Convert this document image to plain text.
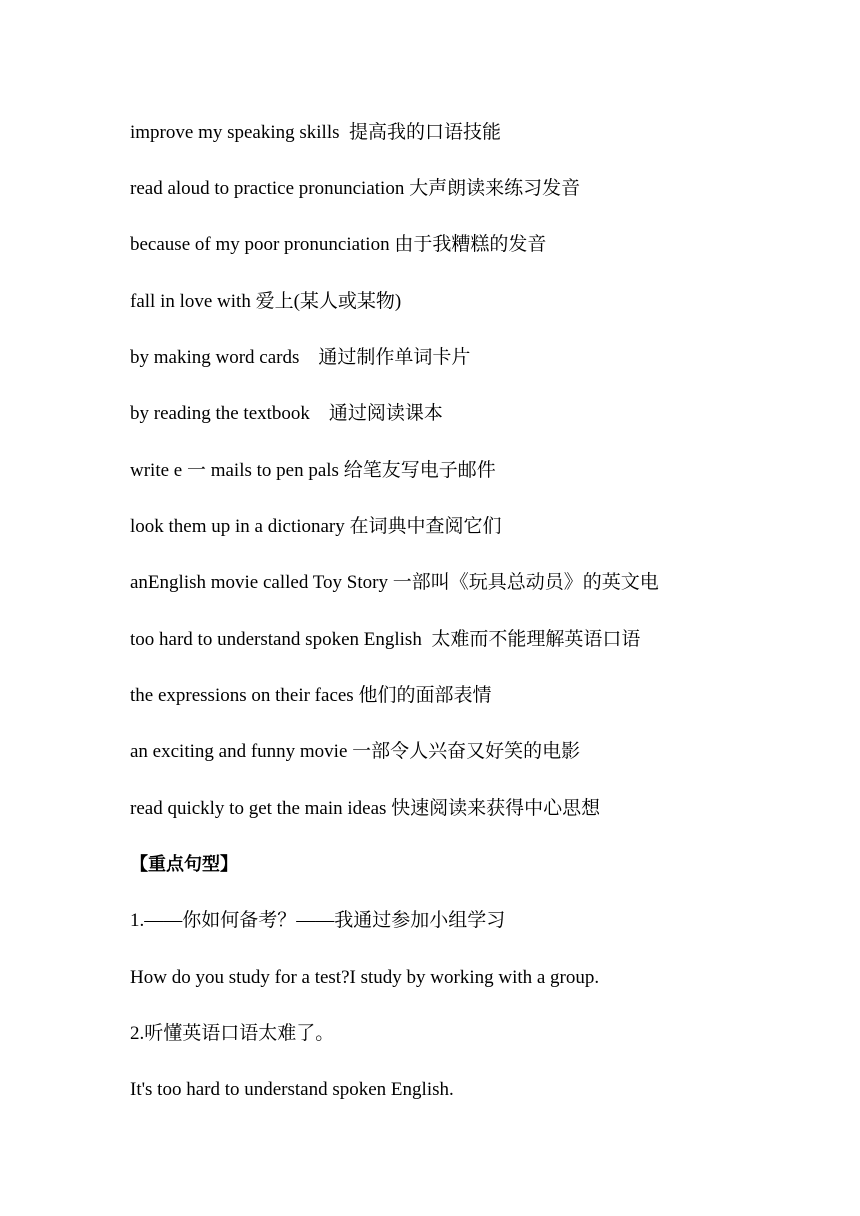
improve my speaking skills  提高我的口语技能
read aloud to practice pronunciation 大声朗读来练习发音
because of my poor pronunciation 由于我糟糕的发音
fall in love with 爱上(某人或某物)
by making word cards    通过制作单词卡片
by reading the textbook    通过阅读课本
write e 一 mails to pen pals 给笔友写电子邮件
look them up in a dictionary 在词典中查阅它们
anEnglish movie called Toy Story 一部叫《玩具总动员》的英文电
too hard to understand spoken English  太难而不能理解英语口语
the expressions on their faces 他们的面部表情
an exciting and funny movie 一部令人兴奋又好笑的电影
read quickly to get the main ideas 快速阅读来获得中心思想
【重点句型】
1.——你如何备考？——我通过参加小组学习
How do you study for a test?I study by working with a group.
2.听懂英语口语太难了。
It's too hard to understand spoken English.
